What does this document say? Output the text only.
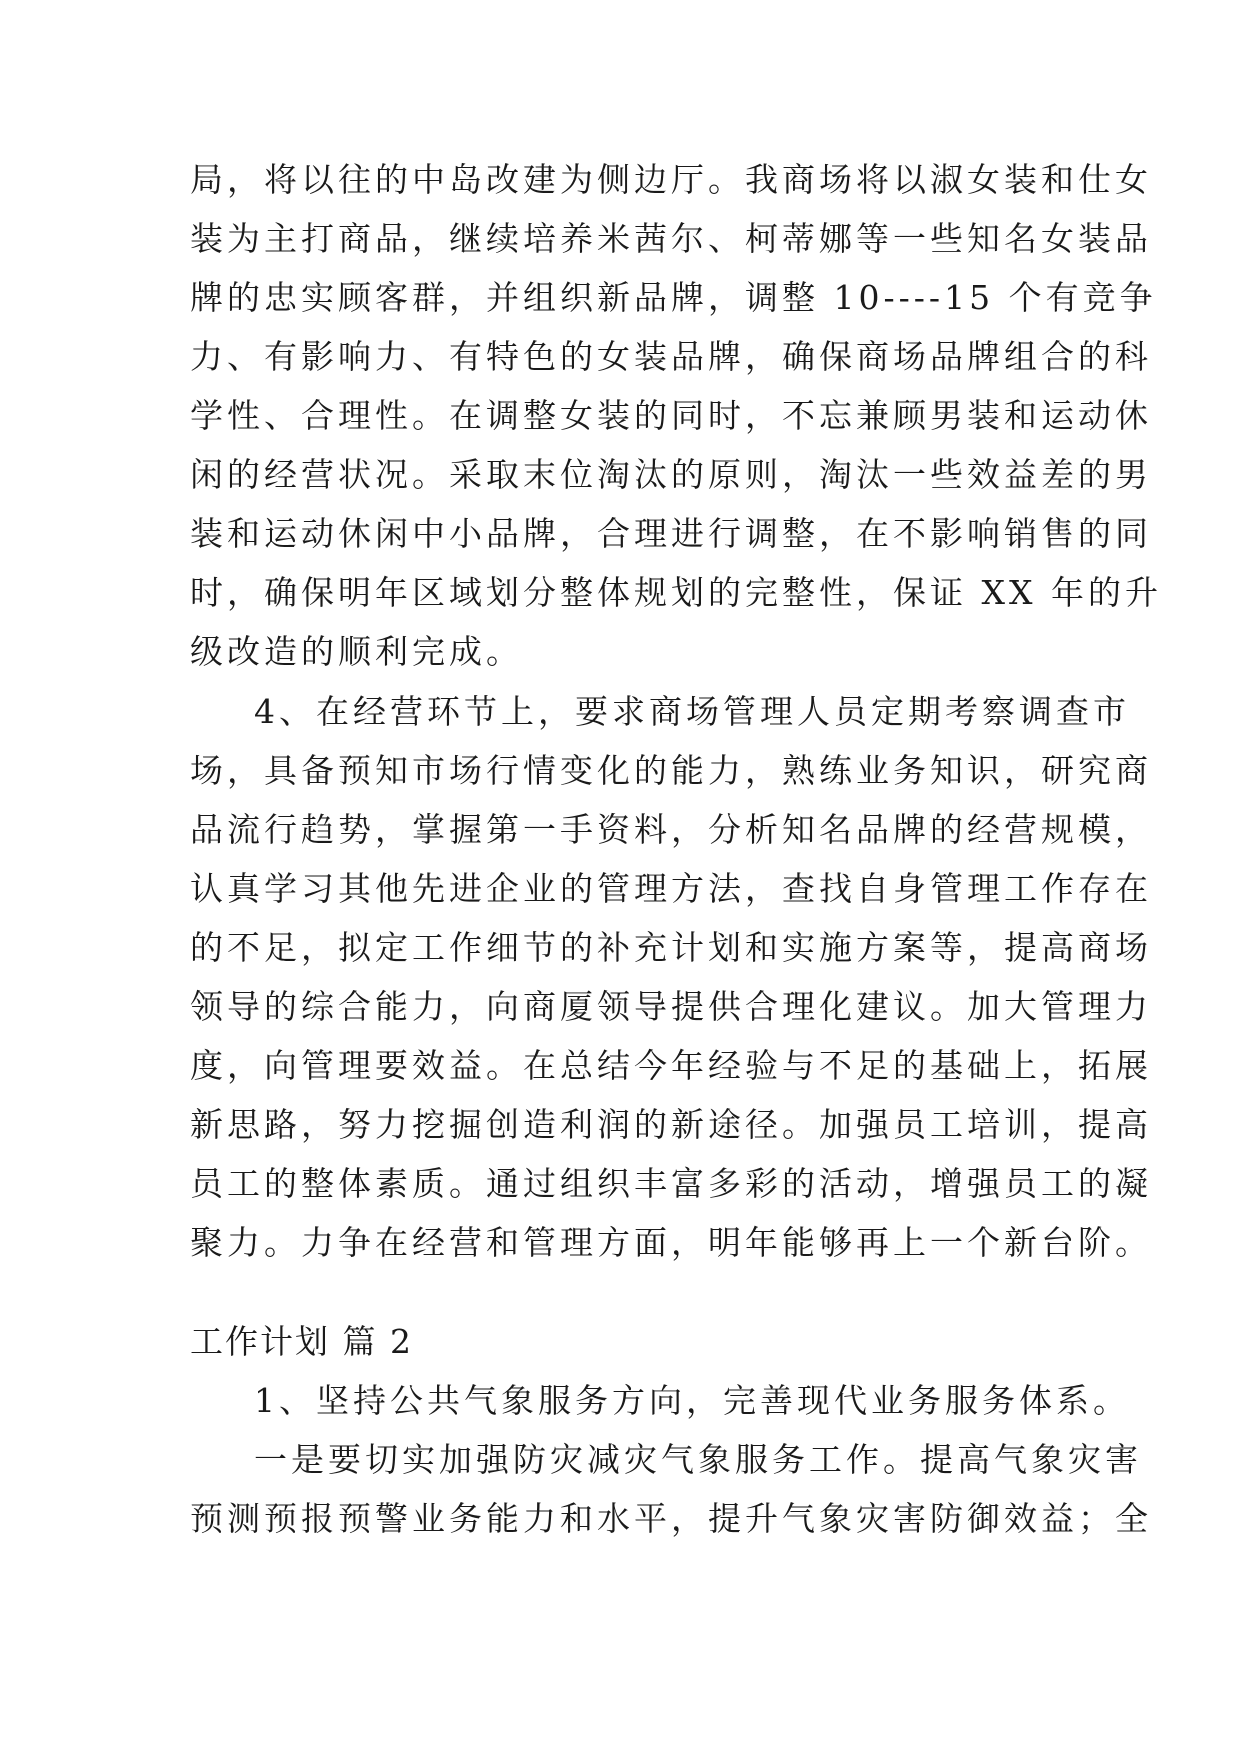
局，将以往的中岛改建为侧边厅。我商场将以淑女装和仕女
装为主打商品，继续培养米茜尔、柯蒂娜等一些知名女装品
牌的忠实顾客群，并组织新品牌，调整 10----15 个有竞争
力、有影响力、有特色的女装品牌，确保商场品牌组合的科
学性、合理性。在调整女装的同时，不忘兼顾男装和运动休
闲的经营状况。采取末位淘汰的原则，淘汰一些效益差的男
装和运动休闲中小品牌，合理进行调整，在不影响销售的同
时，确保明年区域划分整体规划的完整性，保证 XX 年的升
级改造的顺利完成。
4、在经营环节上，要求商场管理人员定期考察调查市
场，具备预知市场行情变化的能力，熟练业务知识，研究商
品流行趋势，掌握第一手资料，分析知名品牌的经营规模，
认真学习其他先进企业的管理方法，查找自身管理工作存在
的不足，拟定工作细节的补充计划和实施方案等，提高商场
领导的综合能力，向商厦领导提供合理化建议。加大管理力
度，向管理要效益。在总结今年经验与不足的基础上，拓展
新思路，努力挖掘创造利润的新途径。加强员工培训，提高
员工的整体素质。通过组织丰富多彩的活动，增强员工的凝
聚力。力争在经营和管理方面，明年能够再上一个新台阶。
工作计划 篇 2
1、坚持公共气象服务方向，完善现代业务服务体系。
一是要切实加强防灾减灾气象服务工作。提高气象灾害
预测预报预警业务能力和水平，提升气象灾害防御效益；全
